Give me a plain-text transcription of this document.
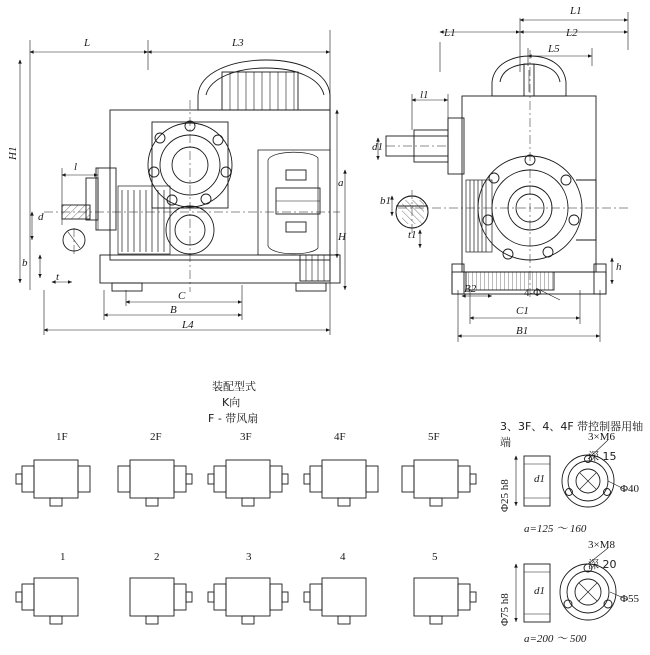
L	L3
H1
H
a
C
B
L4
l
d
b
t
L1	L2
L1
L5
l1
d1
b1
t1
h
B2	4-Φ
C1
B1
装配型式
K向
F - 带风扇
3、3F、4、4F 带控制器用轴端
1F	2F	3F	4F	5F
1	2	3	4	5
Φ25 h8
d1
3×M6
深 15
Φ40
a=125 ～ 160
Φ75 h8
d1
3×M8
深 20
Φ55
a=200 ～ 500
